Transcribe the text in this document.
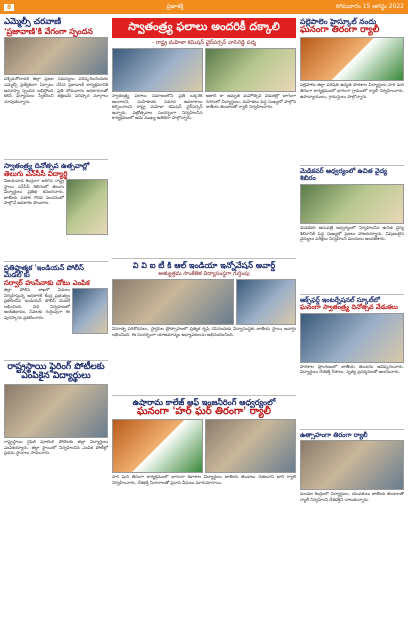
8	ప్రజాశక్తి	సోమవారం 15 ఆగస్టు 2022
ఎమ్మెల్సీ చరవాణి
'ప్రజావాణి'కి వేగంగా స్పందన
పశ్చిమగోదావరి జిల్లా ప్రజల సమస్యలు పరిష్కరించేందుకు ఎమ్మెల్సీ ప్రత్యేకంగా ఏర్పాటు చేసిన ప్రజావాణి కార్యక్రమానికి అనూహ్య స్పందన లభిస్తోంది. ప్రతి సోమవారం అధికారులతో కలిసి ఫిర్యాదులు స్వీకరించి తక్షణమే పరిష్కార మార్గాలు చూపుతున్నారు.
స్వాతంత్ర్య దినోత్సవ ఉత్సవాల్లో
తెలుగు ఎన్‌సీసీ విద్యార్థి
విజయవాడ కేంద్రంగా జరిగిన రాష్ట్ర స్థాయి ఎన్‌సీసీ శిబిరంలో తెలుగు విద్యార్థులు ప్రతిభ కనబరిచారు. జాతీయ పతాక గౌరవ వందనంలో పాల్గొనే అవకాశం పొందారు.
ప్రతిష్ఠాత్మక 'ఇండియన్ పోలీస్ మెడల్'కు
సర్వార్ హుసేనాకు చోటు ఎంపిక
జిల్లా పోలీస్ శాఖలో విధులు నిర్వహిస్తున్న అధికారికి కేంద్ర ప్రభుత్వం ప్రకటించిన ఇండియన్ పోలీస్ మెడల్ లభించింది. విధి నిర్వహణలో అంకితభావం, సేవలకు గుర్తింపుగా ఈ పురస్కారం ప్రకటించారు.
రాష్ట్రస్థాయి ఫైరింగ్ పోటీలకు
ఎంపికైన విద్యార్థులు
రాష్ట్రస్థాయి రైఫిల్ షూటింగ్ పోటీలకు జిల్లా విద్యార్థులు ఎంపికయ్యారు. జిల్లా స్థాయిలో నిర్వహించిన ఎంపిక పోటీల్లో ప్రథమ స్థానాలు సాధించారు.
స్వాతంత్ర్య ఫలాలు అందరికీ దక్కాలి
- రాష్ట్ర మహిళా కమిషన్ ఛైర్‌పర్సన్ వాసిరెడ్డి పద్మ
స్వాతంత్ర్య ఫలాలు సమాజంలోని ప్రతి ఒక్కరికీ అందాలని, మహిళలకు సమాన అవకాశాలు కల్పించాలని రాష్ట్ర మహిళా కమిషన్ ఛైర్‌పర్సన్ అన్నారు. వజ్రోత్సవాల సందర్భంగా నిర్వహించిన కార్యక్రమంలో ఆమె ముఖ్య అతిథిగా పాల్గొన్నారు.
ఆజాదీ కా అమృత్ మహోత్సవ్ వేడుకల్లో భాగంగా నగరంలో విద్యార్థులు, మహిళలు పెద్ద సంఖ్యలో పాల్గొని జాతీయ జెండాలతో ర్యాలీ నిర్వహించారు.
వి వి ఐ టీ కి ఆల్ ఇండియా ఇన్నోవేషన్ అవార్డ్
అత్యుత్తమ సాంకేతిక విద్యాసంస్థగా గుర్తింపు
వినూత్న పరిశోధనలు, స్టార్టప్‌ల ప్రోత్సాహంలో ప్రత్యేక కృషి చేసినందుకు విద్యాసంస్థకు జాతీయ స్థాయి అవార్డు లభించింది. ఈ సందర్భంగా యాజమాన్యం అధ్యాపకులను అభినందించింది.
ఉషారామ కాలేజ్ ఆఫ్ ఇంజనీరింగ్ ఆధ్వర్యంలో
ఘనంగా 'హర్ ఘర్ తిరంగా' ర్యాలీ
హర్ ఘర్ తిరంగా కార్యక్రమంలో భాగంగా కళాశాల విద్యార్థులు జాతీయ జెండాలు చేతబూని భారీ ర్యాలీ నిర్వహించారు. దేశభక్తి నినాదాలతో ప్రధాన వీధులు మారుమోగాయి.
పల్లెపాలెం హైస్కూల్ నందు
ఘనంగా తిరంగా ర్యాలీ
పల్లెపాలెం జిల్లా పరిషత్ ఉన్నత పాఠశాల విద్యార్థులు హర్ ఘర్ తిరంగా కార్యక్రమంలో భాగంగా గ్రామంలో ర్యాలీ నిర్వహించారు. ఉపాధ్యాయులు, గ్రామస్తులు పాల్గొన్నారు.
మెడికవర్ ఆధ్వర్యంలో ఉచిత వైద్య శిబిరం
మెడికవర్ ఆసుపత్రి ఆధ్వర్యంలో నిర్వహించిన ఉచిత వైద్య శిబిరానికి పెద్ద సంఖ్యలో ప్రజలు హాజరయ్యారు. నిపుణులైన వైద్యులు పరీక్షలు నిర్వహించి మందులు అందజేశారు.
ఆక్స్‌ఫర్డ్ ఇంటర్నేషనల్ స్కూల్‌లో
ఘనంగా స్వాతంత్ర్య దినోత్సవ వేడుకలు
పాఠశాల ప్రాంగణంలో జాతీయ జెండాను ఆవిష్కరించారు. విద్యార్థులు దేశభక్తి గీతాలు, నృత్య ప్రదర్శనలతో అలరించారు.
ఉత్సాహంగా తిరంగా ర్యాలీ
మండల కేంద్రంలో విద్యార్థులు, యువకులు జాతీయ జెండాలతో ర్యాలీ నిర్వహించి దేశభక్తిని చాటుకున్నారు.
